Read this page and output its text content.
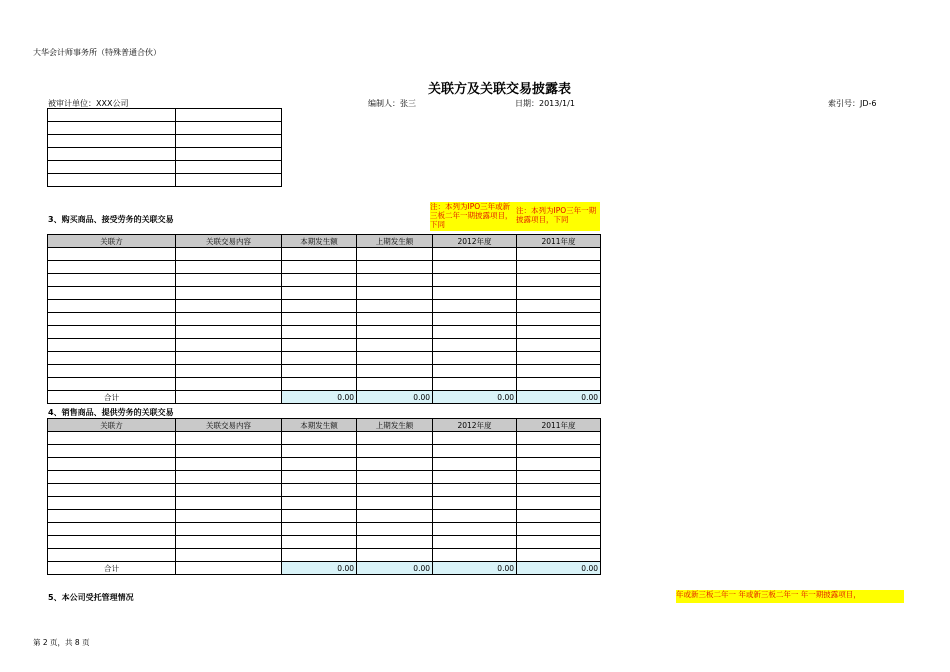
大华会计师事务所（特殊普通合伙）
关联方及关联交易披露表
被审计单位：XXX公司	编制人：张三	日期：2013/1/1	索引号：JD-6

注：本列为IPO三年或新三板二年一期披露项目，下同
注：本列为IPO三年一期披露项目，下同
3、购买商品、接受劳务的关联交易
关联方	关联交易内容	本期发生额	上期发生额	2012年度	2011年度

合计		0.00	0.00	0.00	0.00
4、销售商品、提供劳务的关联交易
关联方	关联交易内容	本期发生额	上期发生额	2012年度	2011年度

合计		0.00	0.00	0.00	0.00
5、本公司受托管理情况	年或新三板二年一 年或新三板二年一 年一期披露项目，
第 2 页，共 8 页
